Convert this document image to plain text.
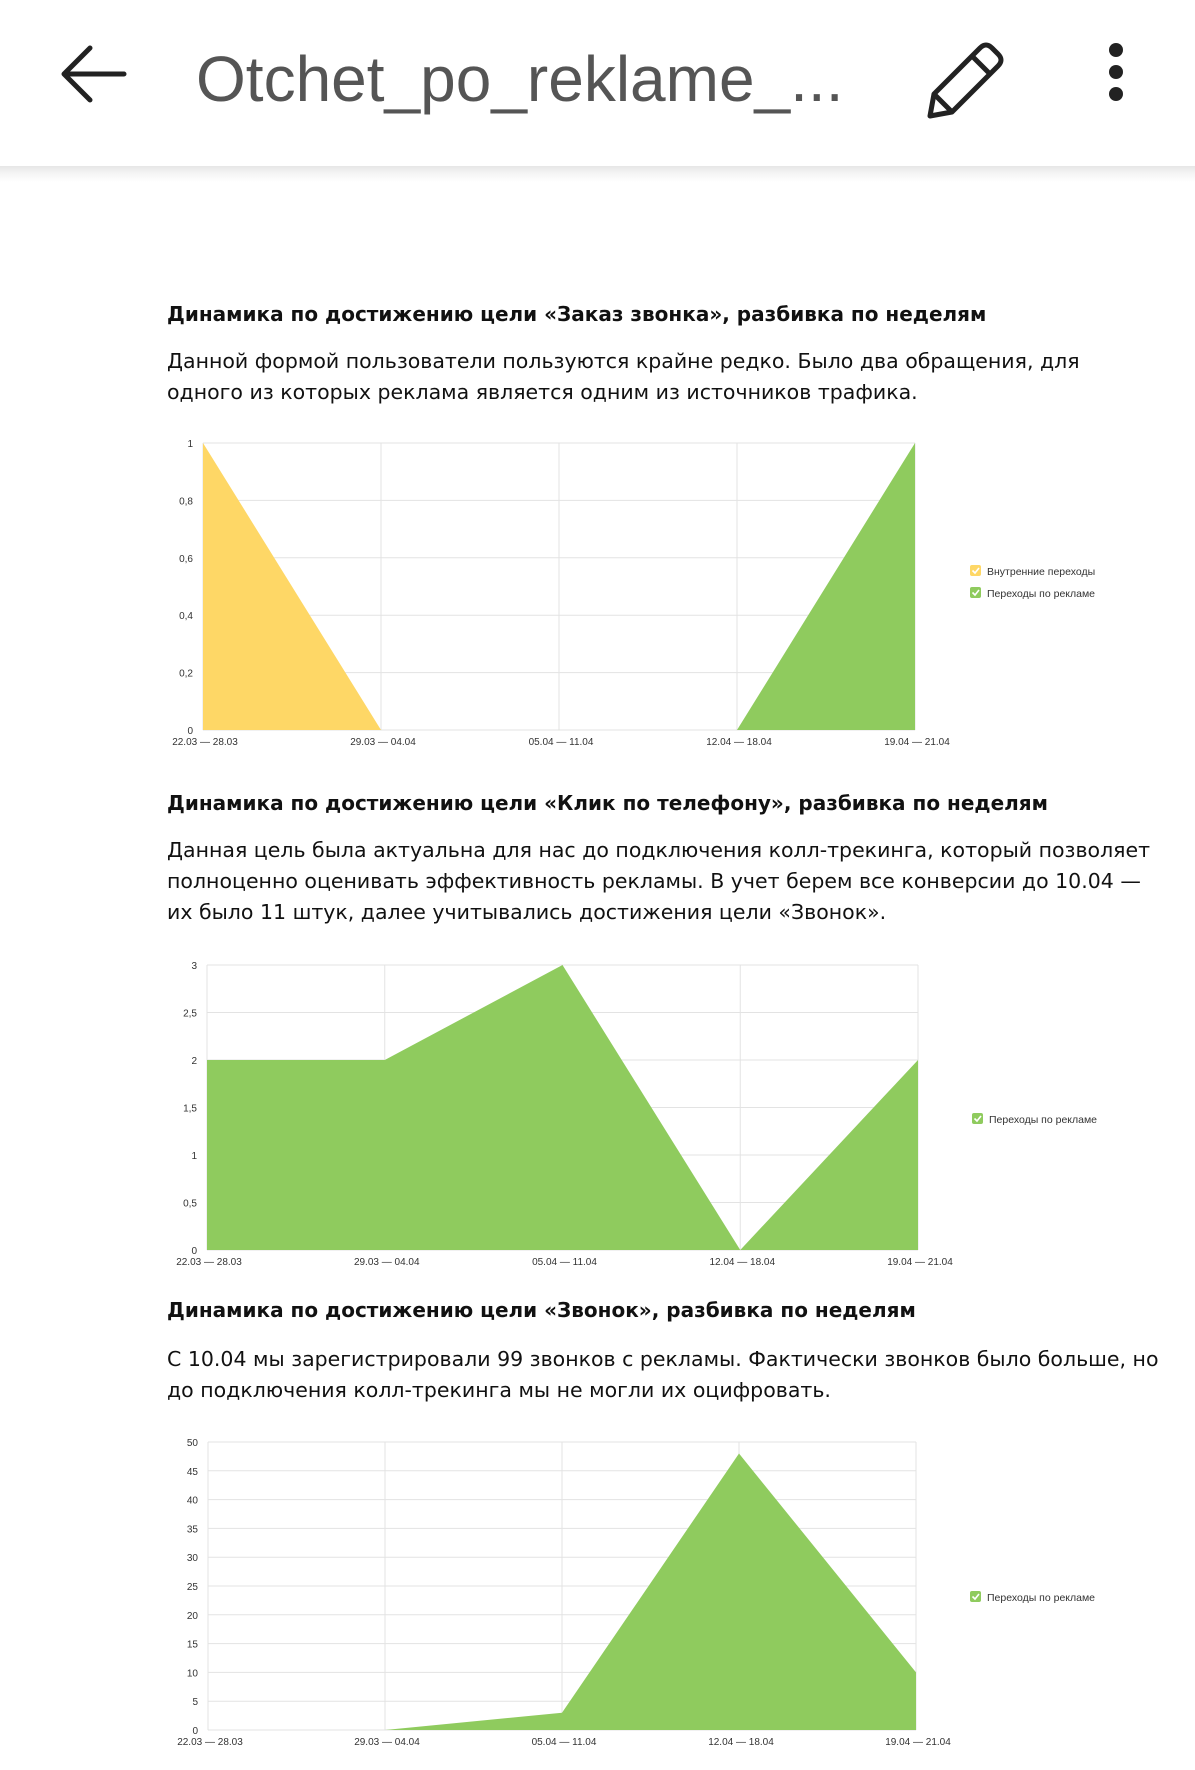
Otchet_po_reklame_...
Динамика по достижению цели «Заказ звонка», разбивка по неделям
Данной формой пользователи пользуются крайне редко. Было два обращения, для
одного из которых реклама является одним из источников трафика.
0
0,2
0,4
0,6
0,8
1
22.03 — 28.03	29.03 — 04.04	05.04 — 11.04	12.04 — 18.04	19.04 — 21.04
Внутренние переходы
Переходы по рекламе
Динамика по достижению цели «Клик по телефону», разбивка по неделям
Данная цель была актуальна для нас до подключения колл-трекинга, который позволяет
полноценно оценивать эффективность рекламы. В учет берем все конверсии до 10.04 —
их было 11 штук, далее учитывались достижения цели «Звонок».
0
0,5
1
1,5
2
2,5
3
22.03 — 28.03	29.03 — 04.04	05.04 — 11.04	12.04 — 18.04	19.04 — 21.04
Переходы по рекламе
Динамика по достижению цели «Звонок», разбивка по неделям
С 10.04 мы зарегистрировали 99 звонков с рекламы. Фактически звонков было больше, но
до подключения колл-трекинга мы не могли их оцифровать.
0
5
10
15
20
25
30
35
40
45
50
22.03 — 28.03	29.03 — 04.04	05.04 — 11.04	12.04 — 18.04	19.04 — 21.04
Переходы по рекламе
